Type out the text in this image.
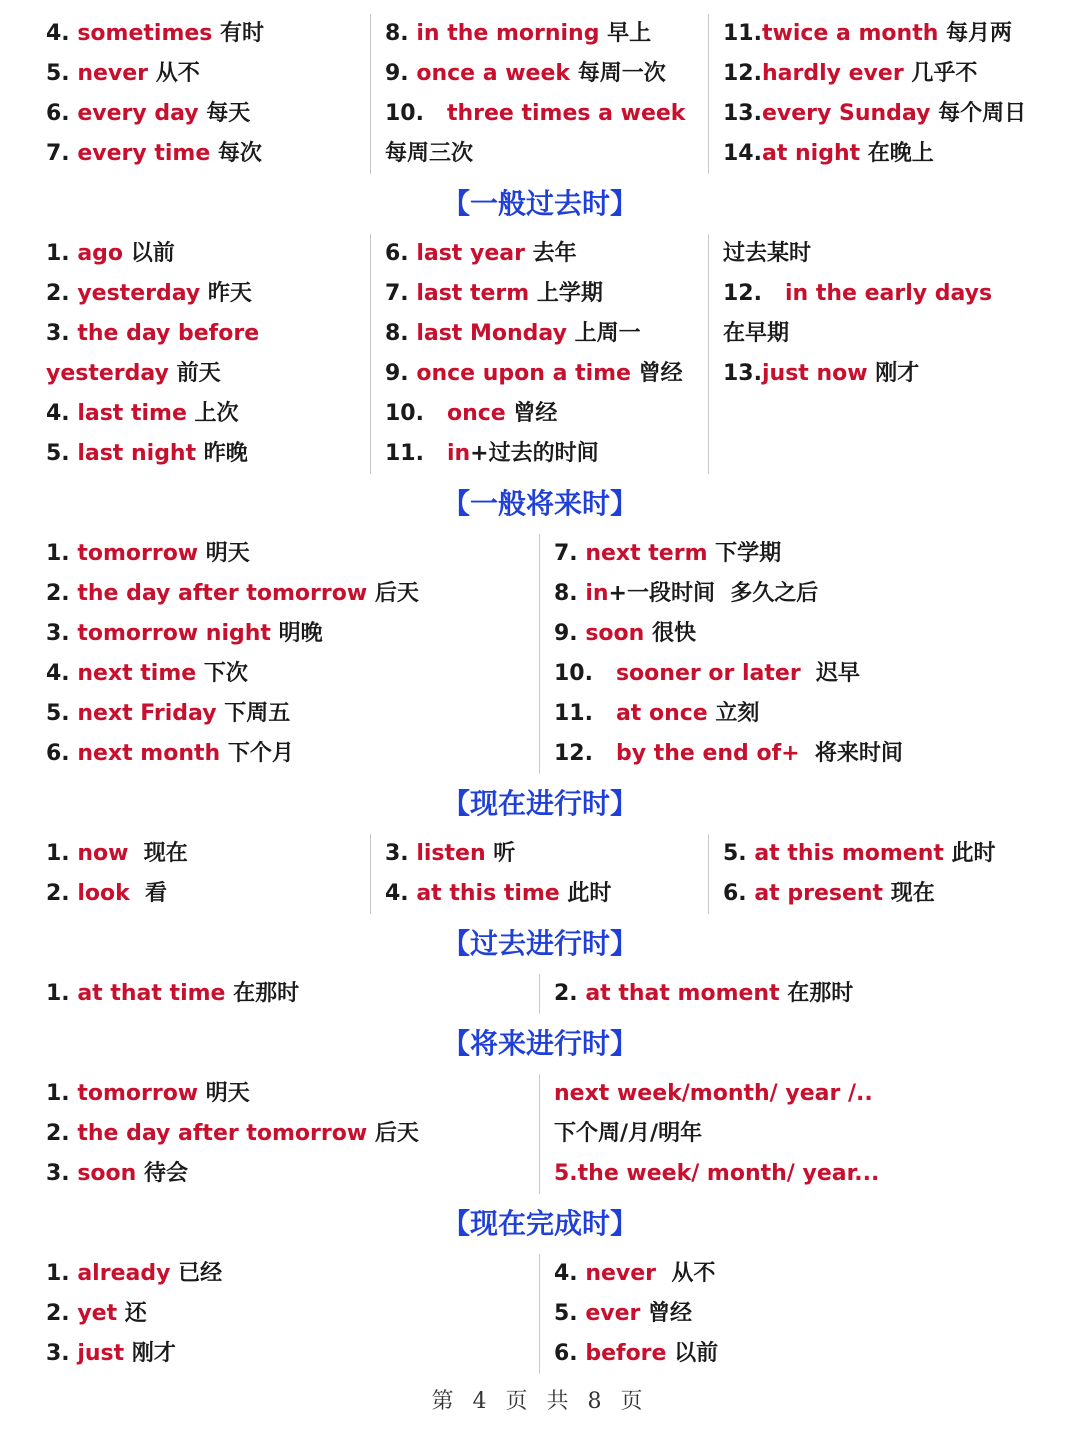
4. sometimes 有时
5. never 从不
6. every day 每天
7. every time 每次
8. in the morning 早上
9. once a week 每周一次
10.   three times a week
每周三次
11.twice a month 每月两
12.hardly ever 几乎不
13.every Sunday 每个周日
14.at night 在晚上
【一般过去时】
1. ago 以前
2. yesterday 昨天
3. the day before
yesterday 前天
4. last time 上次
5. last night 昨晚
6. last year 去年
7. last term 上学期
8. last Monday 上周一
9. once upon a time 曾经
10.   once 曾经
11.   in+过去的时间
过去某时
12.   in the early days
在早期
13.just now 刚才
【一般将来时】
1. tomorrow 明天
2. the day after tomorrow 后天
3. tomorrow night 明晚
4. next time 下次
5. next Friday 下周五
6. next month 下个月
7. next term 下学期
8. in+一段时间  多久之后
9. soon 很快
10.   sooner or later  迟早
11.   at once 立刻
12.   by the end of+  将来时间
【现在进行时】
1. now  现在
2. look  看
3. listen 听
4. at this time 此时
5. at this moment 此时
6. at present 现在
【过去进行时】
1. at that time 在那时	2. at that moment 在那时
【将来进行时】
1. tomorrow 明天
2. the day after tomorrow 后天
3. soon 待会
next week/month/ year /..
下个周/月/明年
5.the week/ month/ year...
【现在完成时】
1. already 已经
2. yet 还
3. just 刚才
4. never  从不
5. ever 曾经
6. before 以前
第 4 页 共 8 页
